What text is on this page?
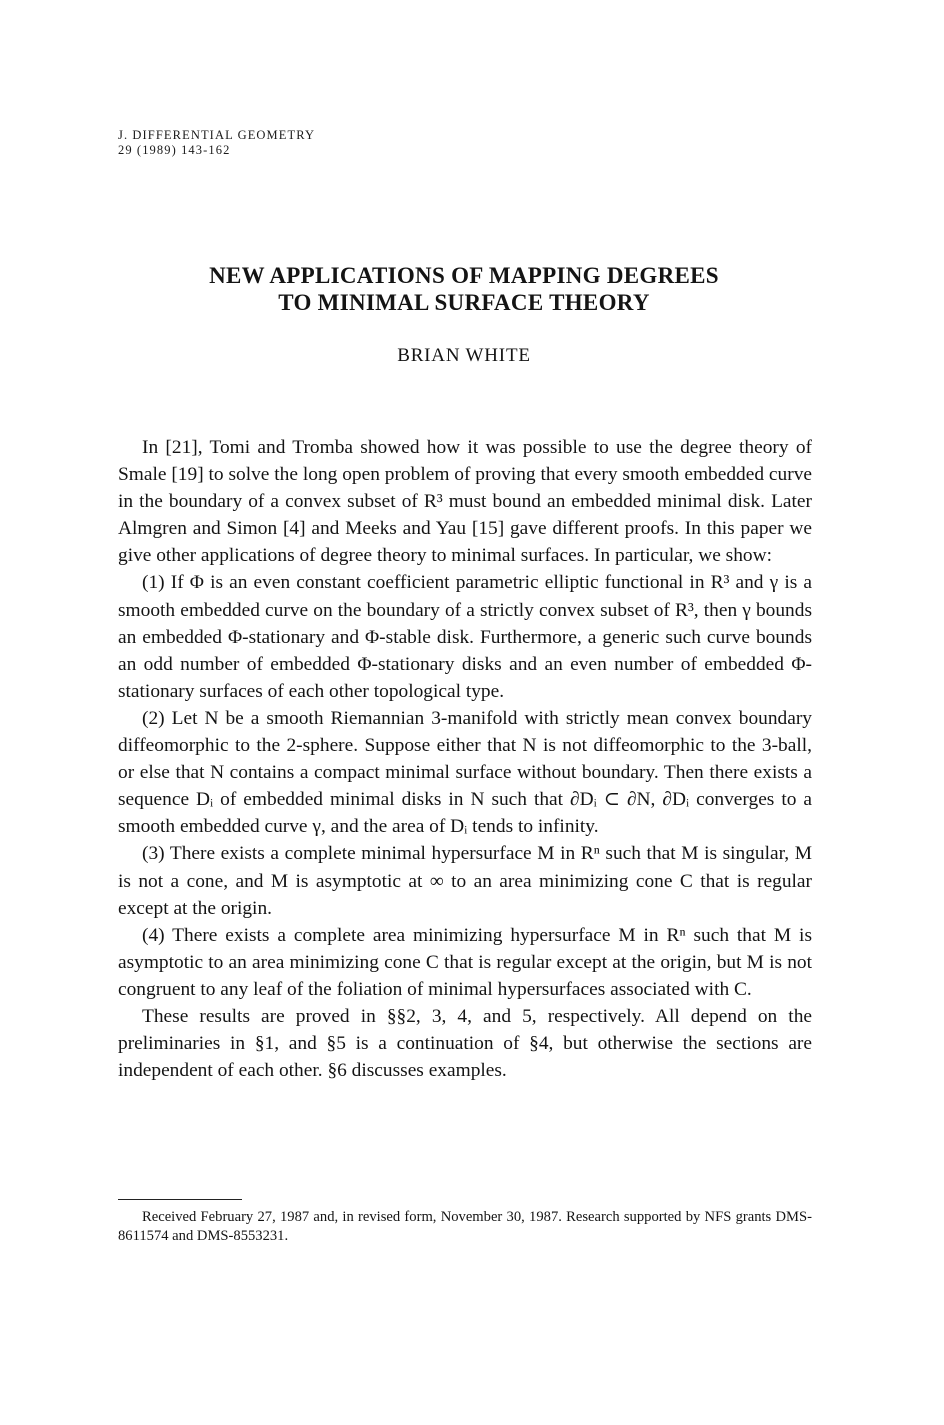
J. DIFFERENTIAL GEOMETRY
29 (1989) 143-162
NEW APPLICATIONS OF MAPPING DEGREES
TO MINIMAL SURFACE THEORY
BRIAN WHITE

In [21], Tomi and Tromba showed how it was possible to use the degree theory of Smale [19] to solve the long open problem of proving that every smooth embedded curve in the boundary of a convex subset of R³ must bound an embedded minimal disk. Later Almgren and Simon [4] and Meeks and Yau [15] gave different proofs. In this paper we give other applications of degree theory to minimal surfaces. In particular, we show:

(1) If Φ is an even constant coefficient parametric elliptic functional in R³ and γ is a smooth embedded curve on the boundary of a strictly convex subset of R³, then γ bounds an embedded Φ-stationary and Φ-stable disk. Furthermore, a generic such curve bounds an odd number of embedded Φ-stationary disks and an even number of embedded Φ-stationary surfaces of each other topological type.

(2) Let N be a smooth Riemannian 3-manifold with strictly mean convex boundary diffeomorphic to the 2-sphere. Suppose either that N is not diffeomorphic to the 3-ball, or else that N contains a compact minimal surface without boundary. Then there exists a sequence Dᵢ of embedded minimal disks in N such that ∂Dᵢ ⊂ ∂N, ∂Dᵢ converges to a smooth embedded curve γ, and the area of Dᵢ tends to infinity.

(3) There exists a complete minimal hypersurface M in Rⁿ such that M is singular, M is not a cone, and M is asymptotic at ∞ to an area minimizing cone C that is regular except at the origin.

(4) There exists a complete area minimizing hypersurface M in Rⁿ such that M is asymptotic to an area minimizing cone C that is regular except at the origin, but M is not congruent to any leaf of the foliation of minimal hypersurfaces associated with C.

These results are proved in §§2, 3, 4, and 5, respectively. All depend on the preliminaries in §1, and §5 is a continuation of §4, but otherwise the sections are independent of each other. §6 discusses examples.

Received February 27, 1987 and, in revised form, November 30, 1987. Research supported by NFS grants DMS-8611574 and DMS-8553231.
